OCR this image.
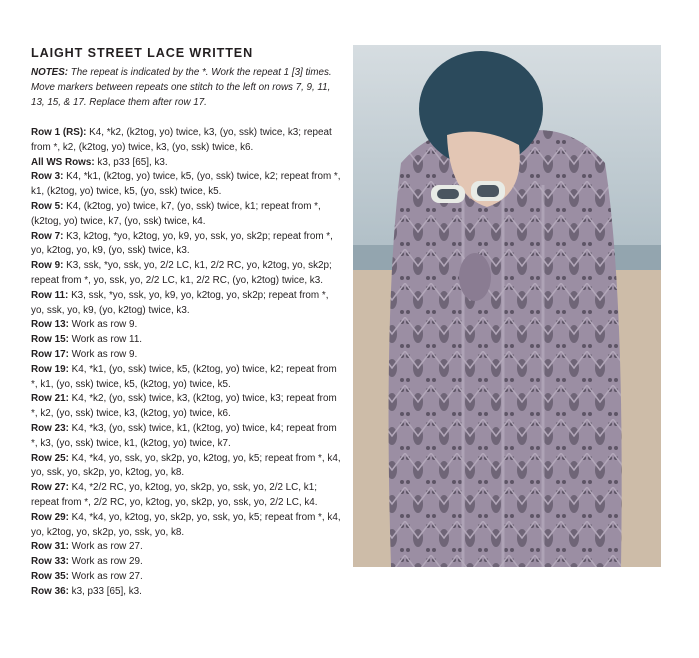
LAIGHT STREET LACE WRITTEN

NOTES: The repeat is indicated by the *. Work the repeat 1 [3] times. Move markers between repeats one stitch to the left on rows 7, 9, 11, 13, 15, & 17. Replace them after row 17.

Row 1 (RS): K4, *k2, (k2tog, yo) twice, k3, (yo, ssk) twice, k3; repeat from *, k2, (k2tog, yo) twice, k3, (yo, ssk) twice, k6.

All WS Rows: k3, p33 [65], k3.

Row 3: K4, *k1, (k2tog, yo) twice, k5, (yo, ssk) twice, k2; repeat from *, k1, (k2tog, yo) twice, k5, (yo, ssk) twice, k5.

Row 5: K4, (k2tog, yo) twice, k7, (yo, ssk) twice, k1; repeat from *, (k2tog, yo) twice, k7, (yo, ssk) twice, k4.

Row 7: K3, k2tog, *yo, k2tog, yo, k9, yo, ssk, yo, sk2p; repeat from *, yo, k2tog, yo, k9, (yo, ssk) twice, k3.

Row 9: K3, ssk, *yo, ssk, yo, 2/2 LC, k1, 2/2 RC, yo, k2tog, yo, sk2p; repeat from *, yo, ssk, yo, 2/2 LC, k1, 2/2 RC, (yo, k2tog) twice, k3.

Row 11: K3, ssk, *yo, ssk, yo, k9, yo, k2tog, yo, sk2p; repeat from *, yo, ssk, yo, k9, (yo, k2tog) twice, k3.

Row 13: Work as row 9.

Row 15: Work as row 11.

Row 17: Work as row 9.

Row 19: K4, *k1, (yo, ssk) twice, k5, (k2tog, yo) twice, k2; repeat from *, k1, (yo, ssk) twice, k5, (k2tog, yo) twice, k5.

Row 21: K4, *k2, (yo, ssk) twice, k3, (k2tog, yo) twice, k3; repeat from *, k2, (yo, ssk) twice, k3, (k2tog, yo) twice, k6.

Row 23: K4, *k3, (yo, ssk) twice, k1, (k2tog, yo) twice, k4; repeat from *, k3, (yo, ssk) twice, k1, (k2tog, yo) twice, k7.

Row 25: K4, *k4, yo, ssk, yo, sk2p, yo, k2tog, yo, k5; repeat from *, k4, yo, ssk, yo, sk2p, yo, k2tog, yo, k8.

Row 27: K4, *2/2 RC, yo, k2tog, yo, sk2p, yo, ssk, yo, 2/2 LC, k1; repeat from *, 2/2 RC, yo, k2tog, yo, sk2p, yo, ssk, yo, 2/2 LC, k4.

Row 29: K4, *k4, yo, k2tog, yo, sk2p, yo, ssk, yo, k5; repeat from *, k4, yo, k2tog, yo, sk2p, yo, ssk, yo, k8.

Row 31: Work as row 27.

Row 33: Work as row 29.

Row 35: Work as row 27.

Row 36: k3, p33 [65], k3.
